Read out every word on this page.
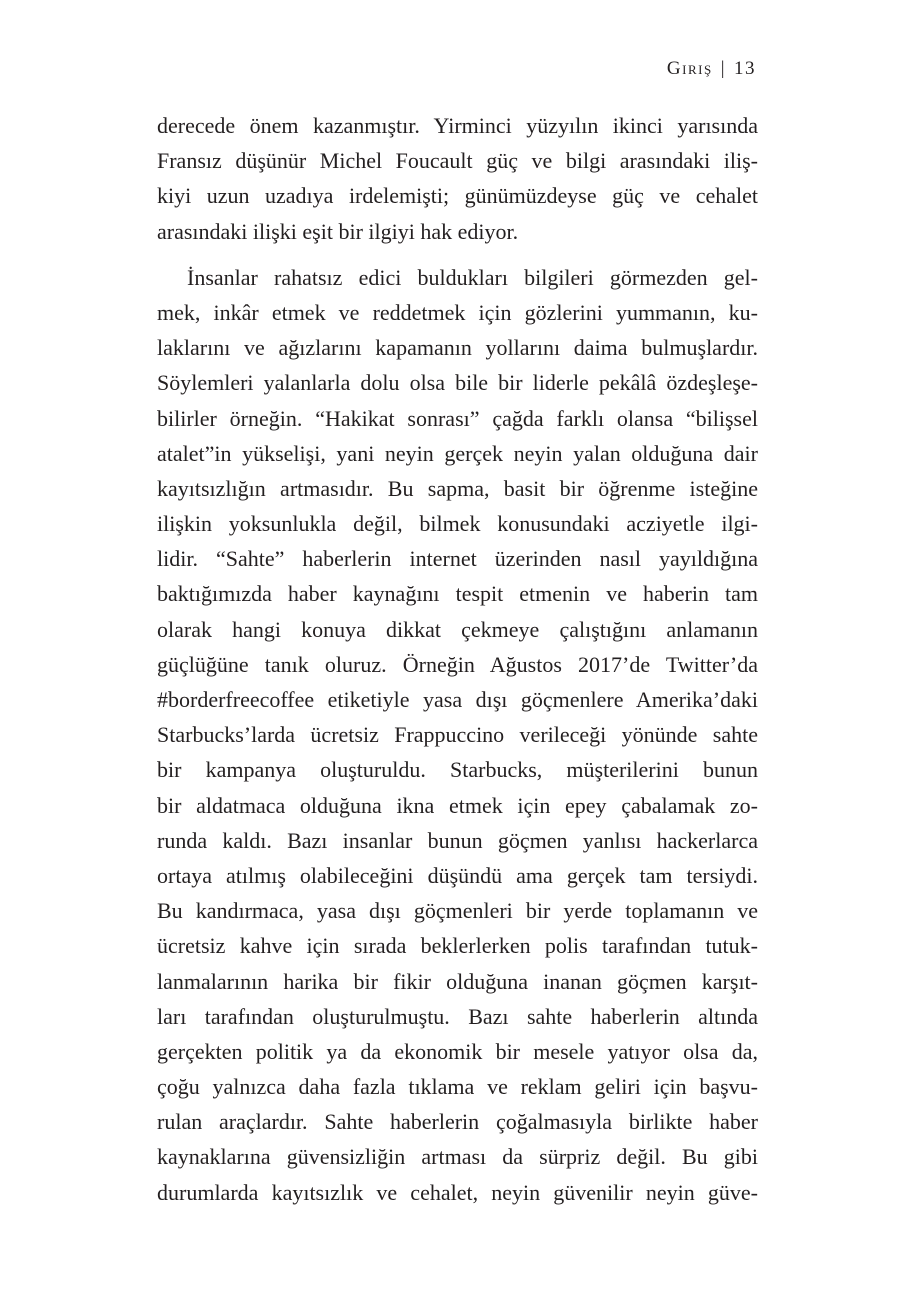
Giriş | 13
derecede önem kazanmıştır. Yirminci yüzyılın ikinci yarısında
Fransız düşünür Michel Foucault güç ve bilgi arasındaki iliş-
kiyi uzun uzadıya irdelemişti; günümüzdeyse güç ve cehalet
arasındaki ilişki eşit bir ilgiyi hak ediyor.
İnsanlar rahatsız edici buldukları bilgileri görmezden gel-
mek, inkâr etmek ve reddetmek için gözlerini yummanın, ku-
laklarını ve ağızlarını kapamanın yollarını daima bulmuşlardır.
Söylemleri yalanlarla dolu olsa bile bir liderle pekâlâ özdeşleşe-
bilirler örneğin. “Hakikat sonrası” çağda farklı olansa “bilişsel
atalet”in yükselişi, yani neyin gerçek neyin yalan olduğuna dair
kayıtsızlığın artmasıdır. Bu sapma, basit bir öğrenme isteğine
ilişkin yoksunlukla değil, bilmek konusundaki acziyetle ilgi-
lidir. “Sahte” haberlerin internet üzerinden nasıl yayıldığına
baktığımızda haber kaynağını tespit etmenin ve haberin tam
olarak hangi konuya dikkat çekmeye çalıştığını anlamanın
güçlüğüne tanık oluruz. Örneğin Ağustos 2017’de Twitter’da
#borderfreecoffee etiketiyle yasa dışı göçmenlere Amerika’daki
Starbucks’larda ücretsiz Frappuccino verileceği yönünde sahte
bir kampanya oluşturuldu. Starbucks, müşterilerini bunun
bir aldatmaca olduğuna ikna etmek için epey çabalamak zo-
runda kaldı. Bazı insanlar bunun göçmen yanlısı hackerlarca
ortaya atılmış olabileceğini düşündü ama gerçek tam tersiydi.
Bu kandırmaca, yasa dışı göçmenleri bir yerde toplamanın ve
ücretsiz kahve için sırada beklerlerken polis tarafından tutuk-
lanmalarının harika bir fikir olduğuna inanan göçmen karşıt-
ları tarafından oluşturulmuştu. Bazı sahte haberlerin altında
gerçekten politik ya da ekonomik bir mesele yatıyor olsa da,
çoğu yalnızca daha fazla tıklama ve reklam geliri için başvu-
rulan araçlardır. Sahte haberlerin çoğalmasıyla birlikte haber
kaynaklarına güvensizliğin artması da sürpriz değil. Bu gibi
durumlarda kayıtsızlık ve cehalet, neyin güvenilir neyin güve-
